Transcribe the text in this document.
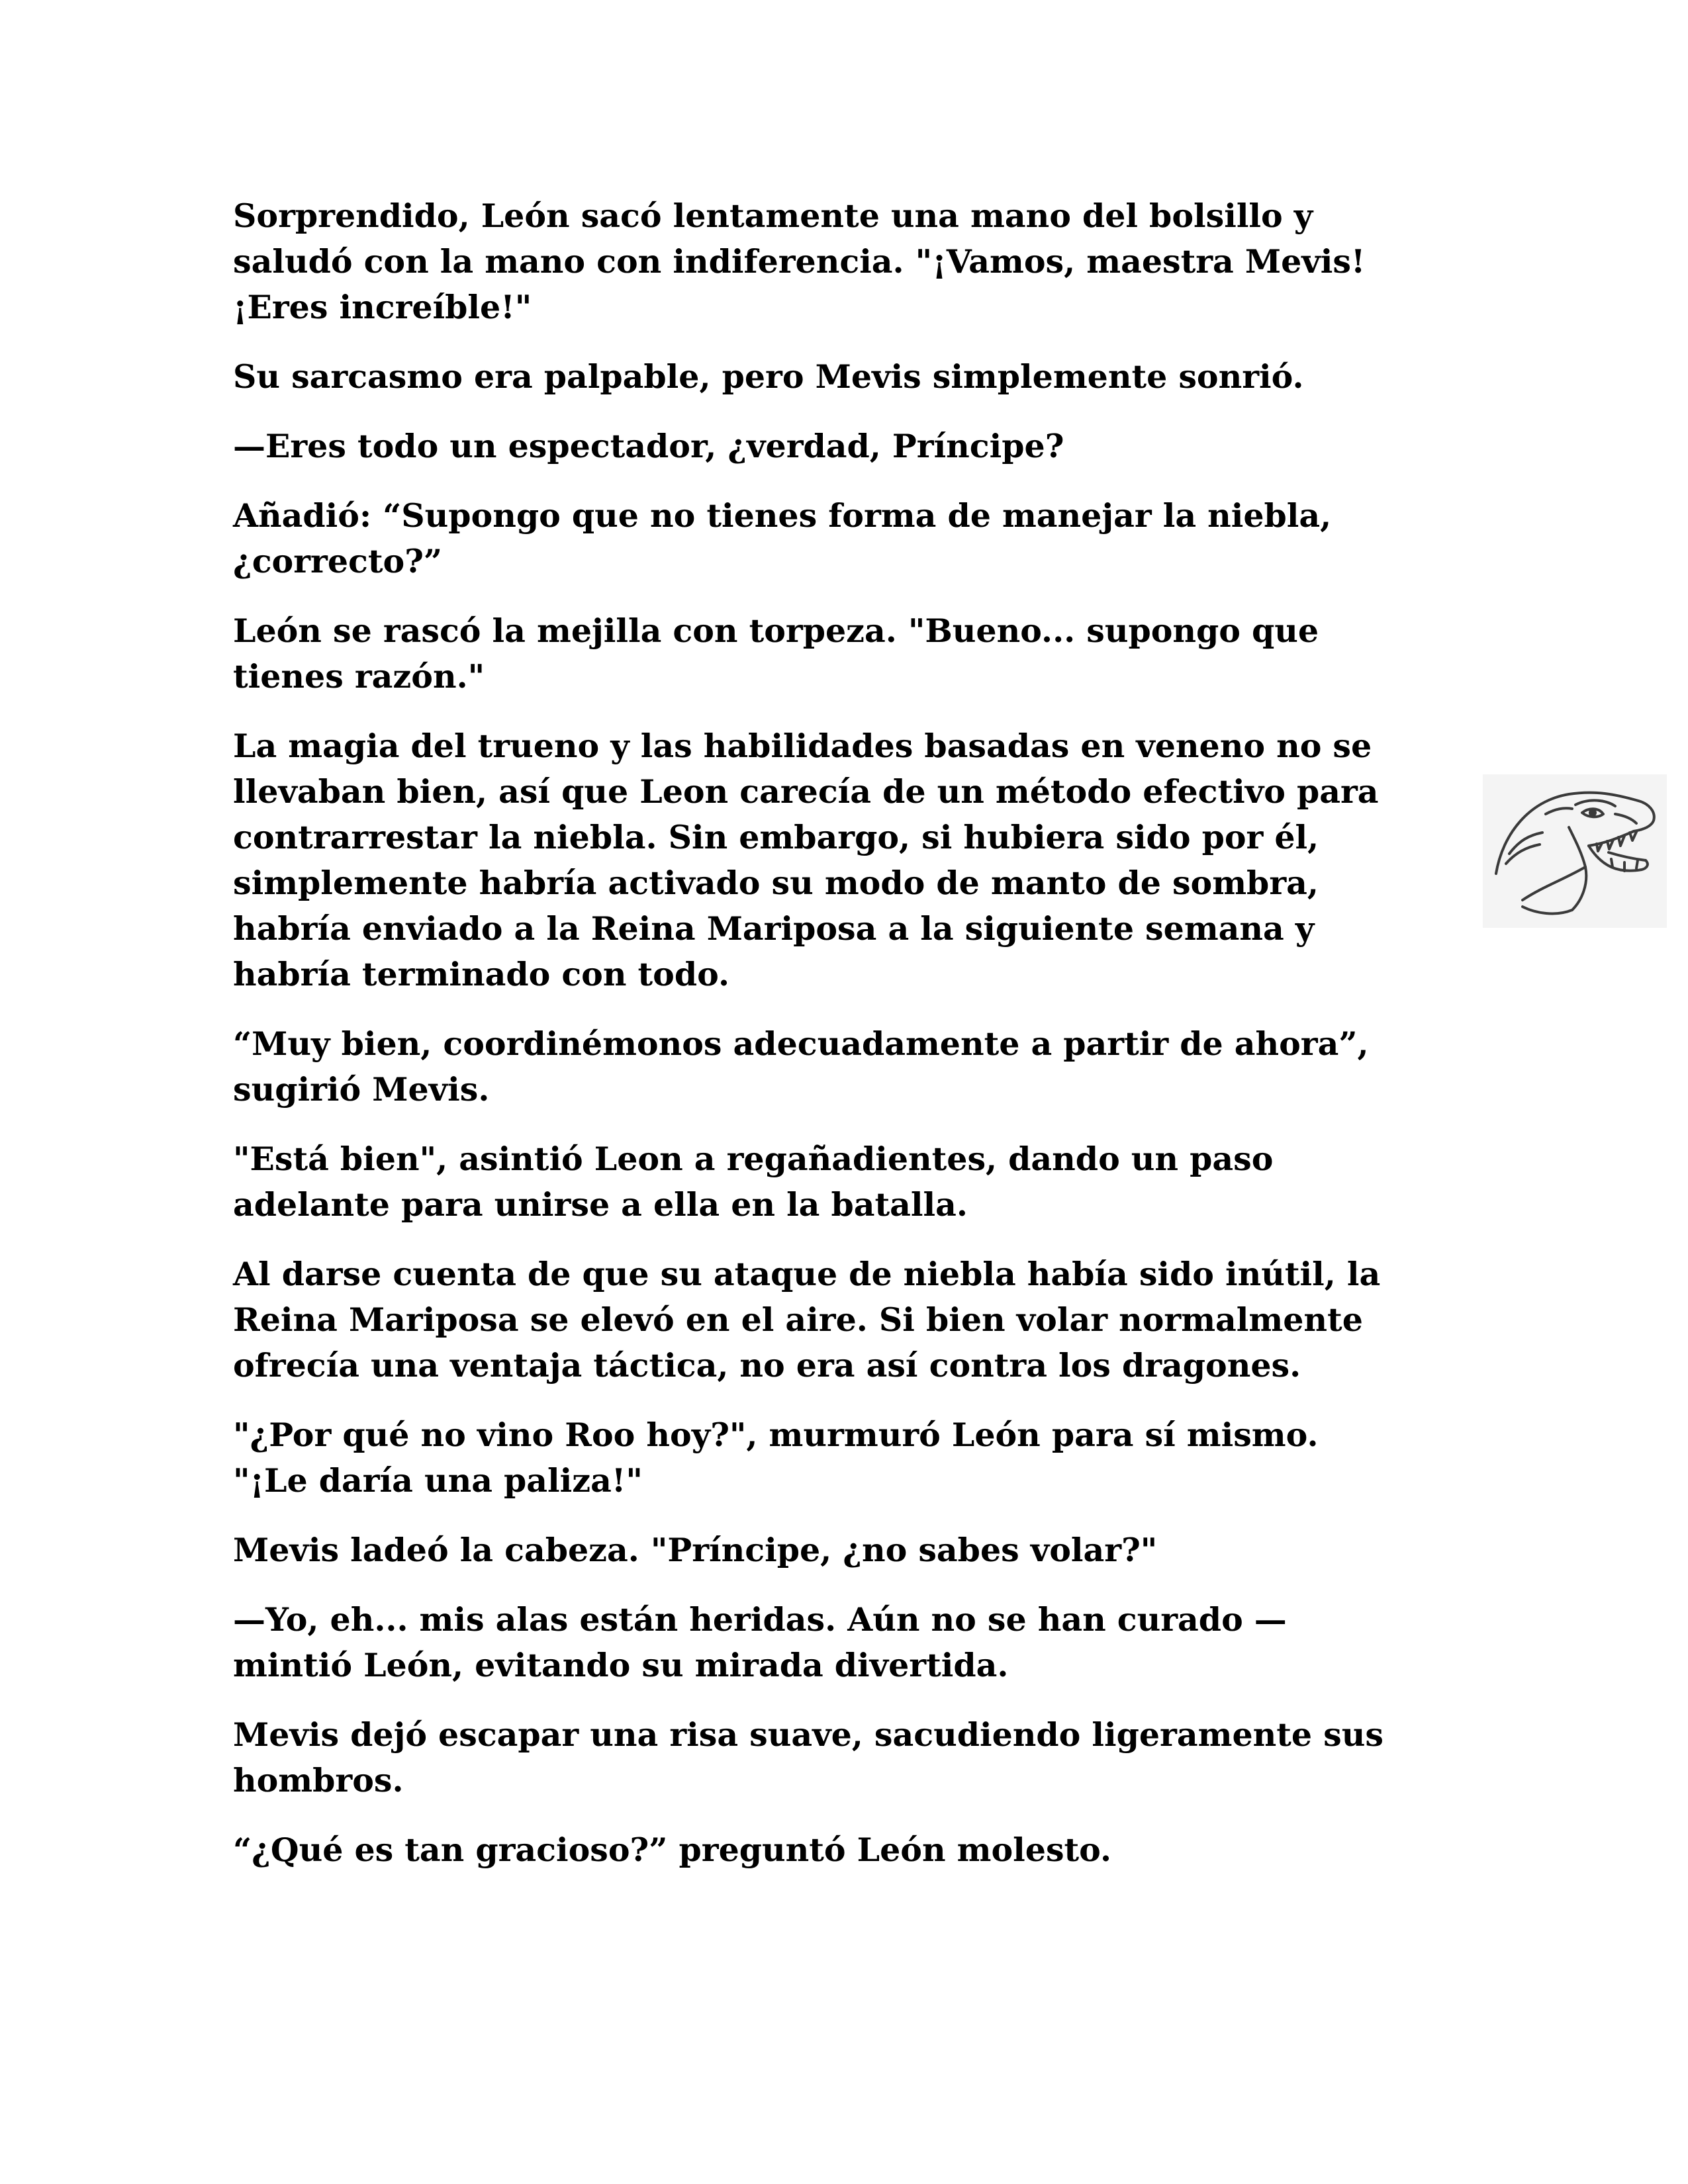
Sorprendido, León sacó lentamente una mano del bolsillo y
saludó con la mano con indiferencia. "¡Vamos, maestra Mevis!
¡Eres increíble!"

Su sarcasmo era palpable, pero Mevis simplemente sonrió.

—Eres todo un espectador, ¿verdad, Príncipe?

Añadió: “Supongo que no tienes forma de manejar la niebla,
¿correcto?”

León se rascó la mejilla con torpeza. "Bueno... supongo que
tienes razón."

La magia del trueno y las habilidades basadas en veneno no se
llevaban bien, así que Leon carecía de un método efectivo para
contrarrestar la niebla. Sin embargo, si hubiera sido por él,
simplemente habría activado su modo de manto de sombra,
habría enviado a la Reina Mariposa a la siguiente semana y
habría terminado con todo.

“Muy bien, coordinémonos adecuadamente a partir de ahora”,
sugirió Mevis.

"Está bien", asintió Leon a regañadientes, dando un paso
adelante para unirse a ella en la batalla.

Al darse cuenta de que su ataque de niebla había sido inútil, la
Reina Mariposa se elevó en el aire. Si bien volar normalmente
ofrecía una ventaja táctica, no era así contra los dragones.

"¿Por qué no vino Roo hoy?", murmuró León para sí mismo.
"¡Le daría una paliza!"

Mevis ladeó la cabeza. "Príncipe, ¿no sabes volar?"

—Yo, eh... mis alas están heridas. Aún no se han curado —
mintió León, evitando su mirada divertida.

Mevis dejó escapar una risa suave, sacudiendo ligeramente sus
hombros.

“¿Qué es tan gracioso?” preguntó León molesto.
